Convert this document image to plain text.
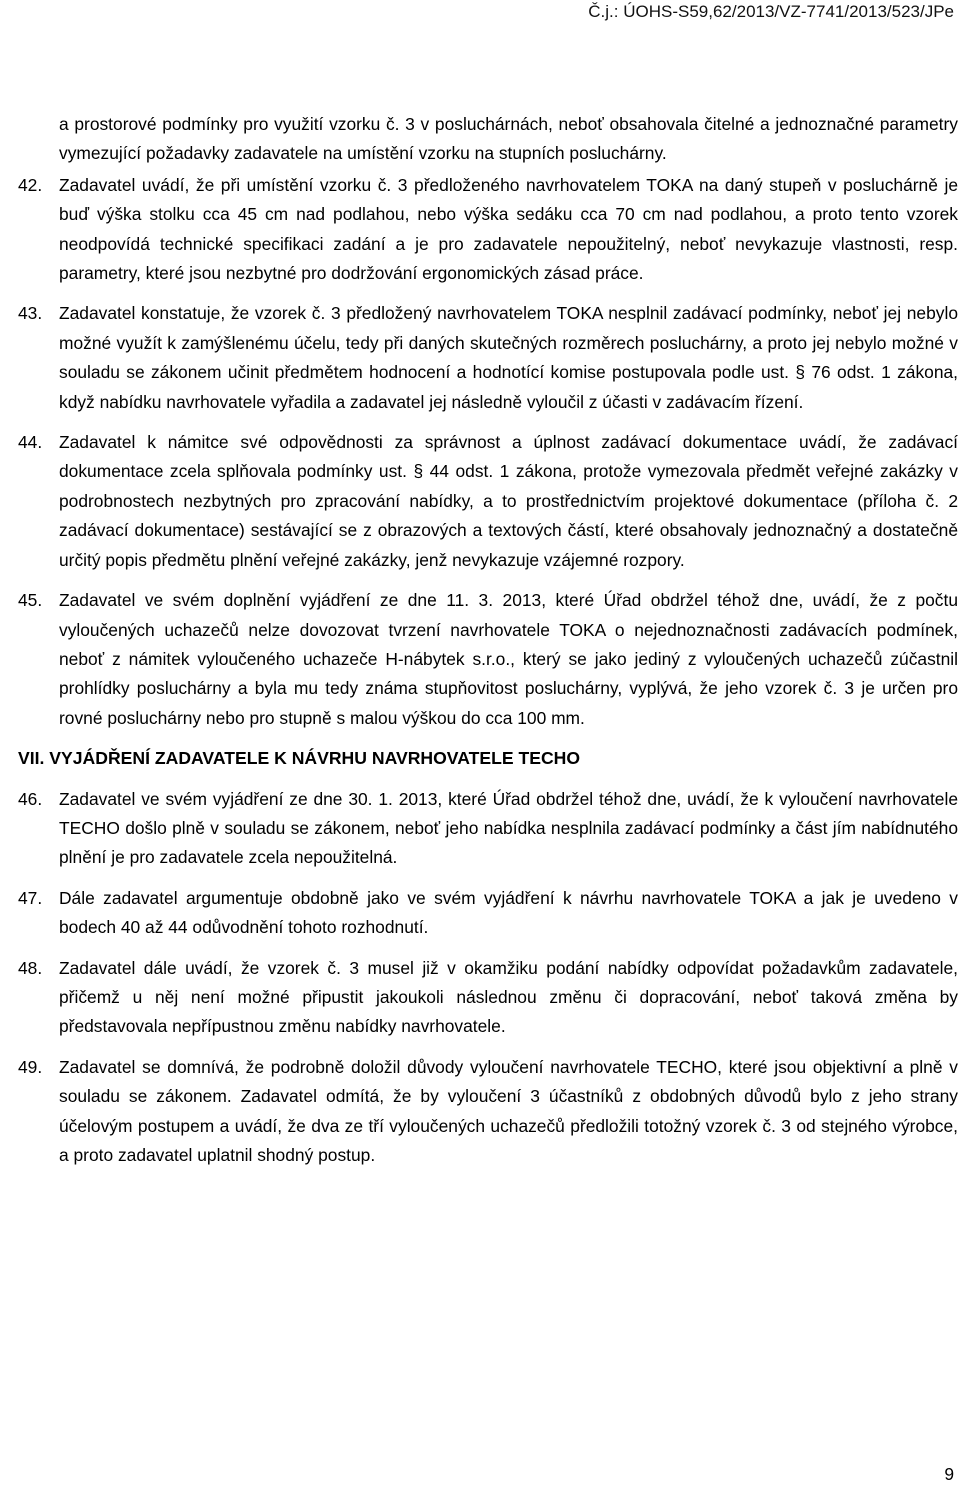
Č.j.: ÚOHS-S59,62/2013/VZ-7741/2013/523/JPe

a prostorové podmínky pro využití vzorku č. 3 v posluchárnách, neboť obsahovala čitelné a jednoznačné parametry vymezující požadavky zadavatele na umístění vzorku na stupních posluchárny.

42. Zadavatel uvádí, že při umístění vzorku č. 3 předloženého navrhovatelem TOKA na daný stupeň v posluchárně je buď výška stolku cca 45 cm nad podlahou, nebo výška sedáku cca 70 cm nad podlahou, a proto tento vzorek neodpovídá technické specifikaci zadání a je pro zadavatele nepoužitelný, neboť nevykazuje vlastnosti, resp. parametry, které jsou nezbytné pro dodržování ergonomických zásad práce.

43. Zadavatel konstatuje, že vzorek č. 3 předložený navrhovatelem TOKA nesplnil zadávací podmínky, neboť jej nebylo možné využít k zamýšlenému účelu, tedy při daných skutečných rozměrech posluchárny, a proto jej nebylo možné v souladu se zákonem učinit předmětem hodnocení a hodnotící komise postupovala podle ust. § 76 odst. 1 zákona, když nabídku navrhovatele vyřadila a zadavatel jej následně vyloučil z účasti v zadávacím řízení.

44. Zadavatel k námitce své odpovědnosti za správnost a úplnost zadávací dokumentace uvádí, že zadávací dokumentace zcela splňovala podmínky ust. § 44 odst. 1 zákona, protože vymezovala předmět veřejné zakázky v podrobnostech nezbytných pro zpracování nabídky, a to prostřednictvím projektové dokumentace (příloha č. 2 zadávací dokumentace) sestávající se z obrazových a textových částí, které obsahovaly jednoznačný a dostatečně určitý popis předmětu plnění veřejné zakázky, jenž nevykazuje vzájemné rozpory.

45. Zadavatel ve svém doplnění vyjádření ze dne 11. 3. 2013, které Úřad obdržel téhož dne, uvádí, že z počtu vyloučených uchazečů nelze dovozovat tvrzení navrhovatele TOKA o nejednoznačnosti zadávacích podmínek, neboť z námitek vyloučeného uchazeče H-nábytek s.r.o., který se jako jediný z vyloučených uchazečů zúčastnil prohlídky posluchárny a byla mu tedy známa stupňovitost posluchárny, vyplývá, že jeho vzorek č. 3 je určen pro rovné posluchárny nebo pro stupně s malou výškou do cca 100 mm.

VII. VYJÁDŘENÍ ZADAVATELE K NÁVRHU NAVRHOVATELE TECHO
46. Zadavatel ve svém vyjádření ze dne 30. 1. 2013, které Úřad obdržel téhož dne, uvádí, že k vyloučení navrhovatele TECHO došlo plně v souladu se zákonem, neboť jeho nabídka nesplnila zadávací podmínky a část jím nabídnutého plnění je pro zadavatele zcela nepoužitelná.

47. Dále zadavatel argumentuje obdobně jako ve svém vyjádření k návrhu navrhovatele TOKA a jak je uvedeno v bodech 40 až 44 odůvodnění tohoto rozhodnutí.

48. Zadavatel dále uvádí, že vzorek č. 3 musel již v okamžiku podání nabídky odpovídat požadavkům zadavatele, přičemž u něj není možné připustit jakoukoli následnou změnu či dopracování, neboť taková změna by představovala nepřípustnou změnu nabídky navrhovatele.

49. Zadavatel se domnívá, že podrobně doložil důvody vyloučení navrhovatele TECHO, které jsou objektivní a plně v souladu se zákonem. Zadavatel odmítá, že by vyloučení 3 účastníků z obdobných důvodů bylo z jeho strany účelovým postupem a uvádí, že dva ze tří vyloučených uchazečů předložili totožný vzorek č. 3 od stejného výrobce, a proto zadavatel uplatnil shodný postup.

9
